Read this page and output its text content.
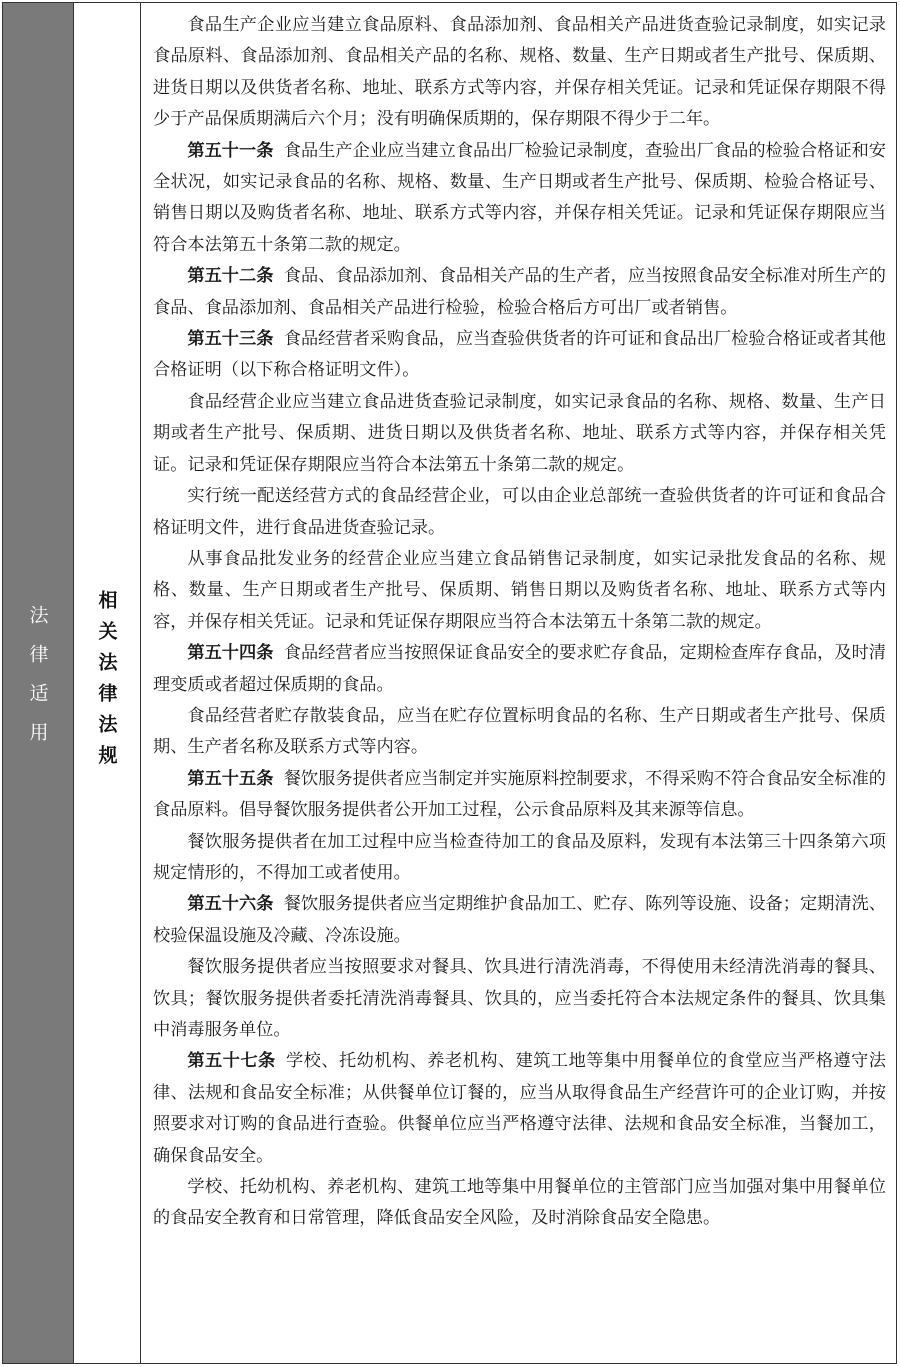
法律适用 相关法律法规

食品生产企业应当建立食品原料、食品添加剂、食品相关产品进货查验记录制度，如实记录食品原料、食品添加剂、食品相关产品的名称、规格、数量、生产日期或者生产批号、保质期、进货日期以及供货者名称、地址、联系方式等内容，并保存相关凭证。记录和凭证保存期限不得少于产品保质期满后六个月；没有明确保质期的，保存期限不得少于二年。

第五十一条 食品生产企业应当建立食品出厂检验记录制度，查验出厂食品的检验合格证和安全状况，如实记录食品的名称、规格、数量、生产日期或者生产批号、保质期、检验合格证号、销售日期以及购货者名称、地址、联系方式等内容，并保存相关凭证。记录和凭证保存期限应当符合本法第五十条第二款的规定。

第五十二条 食品、食品添加剂、食品相关产品的生产者，应当按照食品安全标准对所生产的食品、食品添加剂、食品相关产品进行检验，检验合格后方可出厂或者销售。

第五十三条 食品经营者采购食品，应当查验供货者的许可证和食品出厂检验合格证或者其他合格证明（以下称合格证明文件）。

食品经营企业应当建立食品进货查验记录制度，如实记录食品的名称、规格、数量、生产日期或者生产批号、保质期、进货日期以及供货者名称、地址、联系方式等内容，并保存相关凭证。记录和凭证保存期限应当符合本法第五十条第二款的规定。

实行统一配送经营方式的食品经营企业，可以由企业总部统一查验供货者的许可证和食品合格证明文件，进行食品进货查验记录。

从事食品批发业务的经营企业应当建立食品销售记录制度，如实记录批发食品的名称、规格、数量、生产日期或者生产批号、保质期、销售日期以及购货者名称、地址、联系方式等内容，并保存相关凭证。记录和凭证保存期限应当符合本法第五十条第二款的规定。

第五十四条 食品经营者应当按照保证食品安全的要求贮存食品，定期检查库存食品，及时清理变质或者超过保质期的食品。

食品经营者贮存散装食品，应当在贮存位置标明食品的名称、生产日期或者生产批号、保质期、生产者名称及联系方式等内容。

第五十五条 餐饮服务提供者应当制定并实施原料控制要求，不得采购不符合食品安全标准的食品原料。倡导餐饮服务提供者公开加工过程，公示食品原料及其来源等信息。

餐饮服务提供者在加工过程中应当检查待加工的食品及原料，发现有本法第三十四条第六项规定情形的，不得加工或者使用。

第五十六条 餐饮服务提供者应当定期维护食品加工、贮存、陈列等设施、设备；定期清洗、校验保温设施及冷藏、冷冻设施。

餐饮服务提供者应当按照要求对餐具、饮具进行清洗消毒，不得使用未经清洗消毒的餐具、饮具；餐饮服务提供者委托清洗消毒餐具、饮具的，应当委托符合本法规定条件的餐具、饮具集中消毒服务单位。

第五十七条 学校、托幼机构、养老机构、建筑工地等集中用餐单位的食堂应当严格遵守法律、法规和食品安全标准；从供餐单位订餐的，应当从取得食品生产经营许可的企业订购，并按照要求对订购的食品进行查验。供餐单位应当严格遵守法律、法规和食品安全标准，当餐加工，确保食品安全。

学校、托幼机构、养老机构、建筑工地等集中用餐单位的主管部门应当加强对集中用餐单位的食品安全教育和日常管理，降低食品安全风险，及时消除食品安全隐患。
